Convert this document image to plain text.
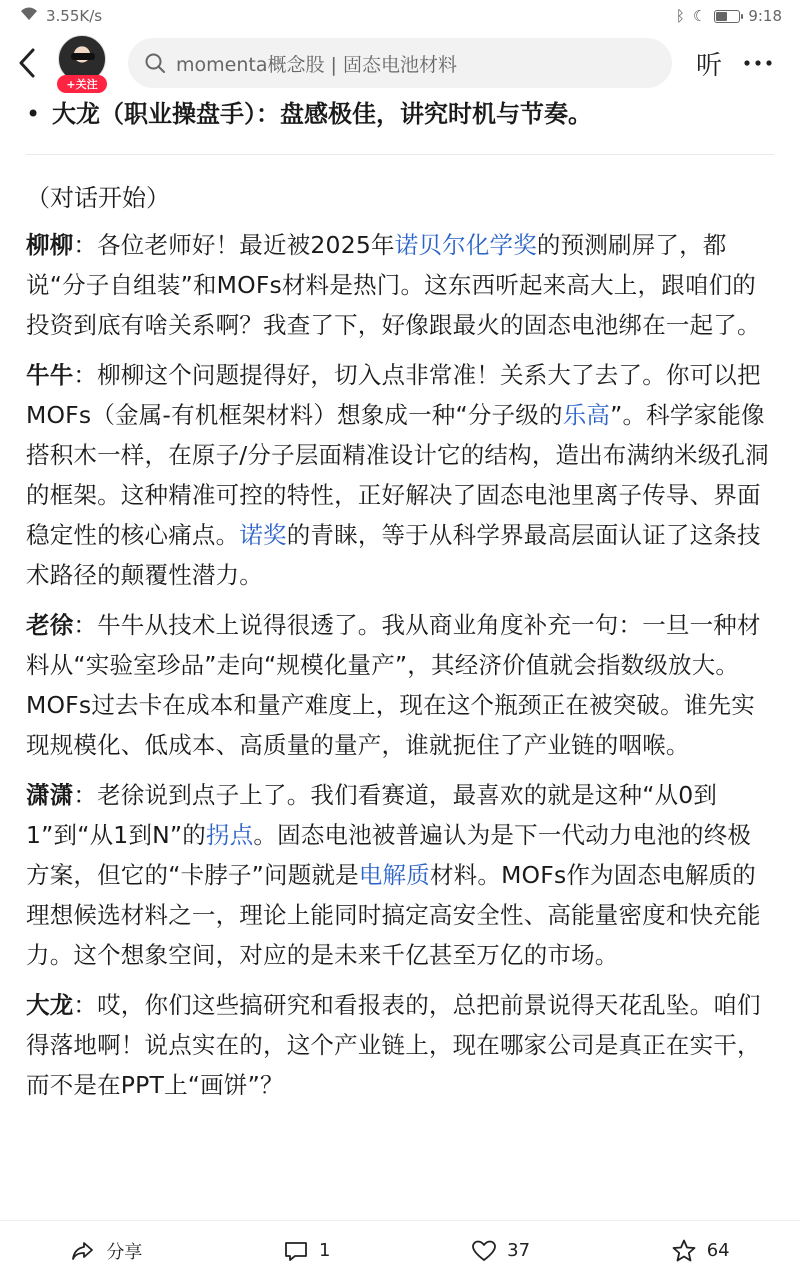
3.55K/s	ᛒ ☾	9:18
+关注
momenta概念股 | 固态电池材料	听
• 大龙（职业操盘手）：盘感极佳，讲究时机与节奏。
（对话开始）

柳柳：各位老师好！最近被2025年诺贝尔化学奖的预测刷屏了，都说“分子自组装”和MOFs材料是热门。这东西听起来高大上，跟咱们的投资到底有啥关系啊？我查了下，好像跟最火的固态电池绑在一起了。

牛牛：柳柳这个问题提得好，切入点非常准！关系大了去了。你可以把MOFs（金属-有机框架材料）想象成一种“分子级的乐高”。科学家能像搭积木一样，在原子/分子层面精准设计它的结构，造出布满纳米级孔洞的框架。这种精准可控的特性，正好解决了固态电池里离子传导、界面稳定性的核心痛点。诺奖的青睐，等于从科学界最高层面认证了这条技术路径的颠覆性潜力。

老徐：牛牛从技术上说得很透了。我从商业角度补充一句：一旦一种材料从“实验室珍品”走向“规模化量产”，其经济价值就会指数级放大。MOFs过去卡在成本和量产难度上，现在这个瓶颈正在被突破。谁先实现规模化、低成本、高质量的量产，谁就扼住了产业链的咽喉。

潇潇：老徐说到点子上了。我们看赛道，最喜欢的就是这种“从0到1”到“从1到N”的拐点。固态电池被普遍认为是下一代动力电池的终极方案，但它的“卡脖子”问题就是电解质材料。MOFs作为固态电解质的理想候选材料之一，理论上能同时搞定高安全性、高能量密度和快充能力。这个想象空间，对应的是未来千亿甚至万亿的市场。

大龙：哎，你们这些搞研究和看报表的，总把前景说得天花乱坠。咱们得落地啊！说点实在的，这个产业链上，现在哪家公司是真正在实干，而不是在PPT上“画饼”？

分享	1	37	64
